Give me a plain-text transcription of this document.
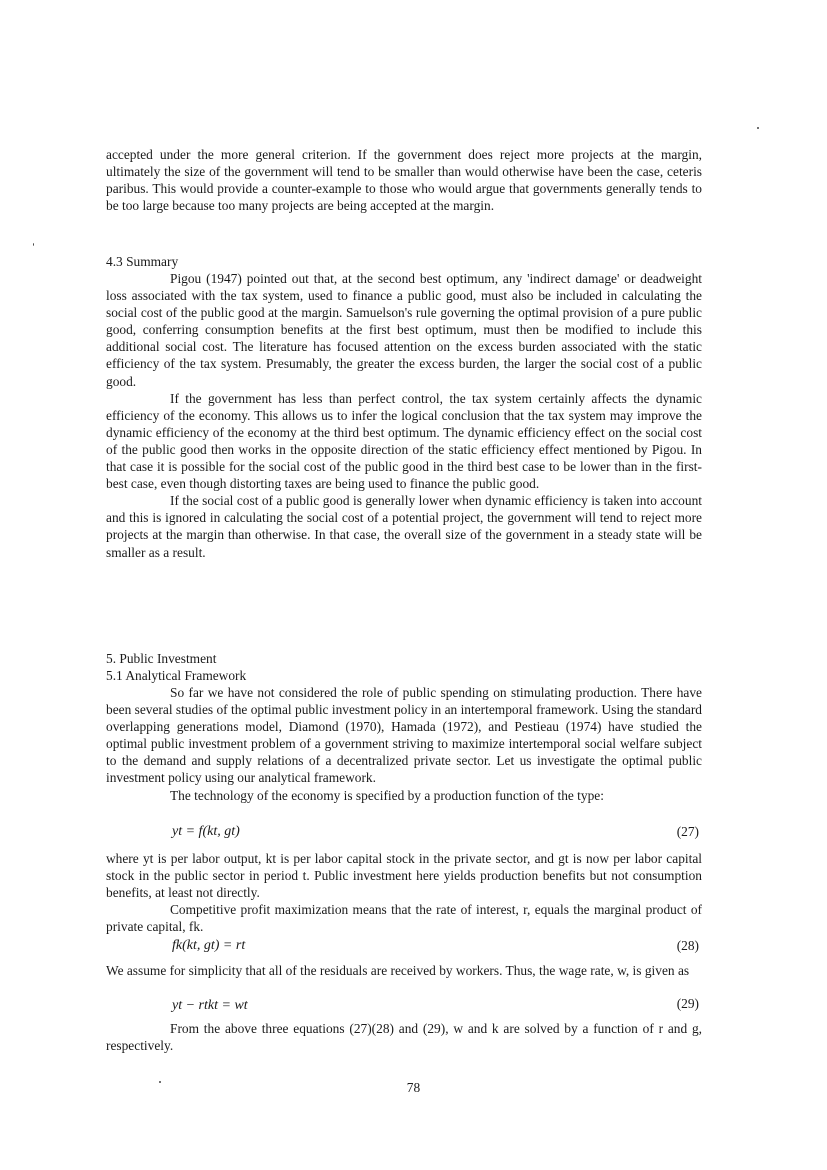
accepted under the more general criterion. If the government does reject more projects at the margin, ultimately the size of the government will tend to be smaller than would otherwise have been the case, ceteris paribus. This would provide a counter-example to those who would argue that governments generally tends to be too large because too many projects are being accepted at the margin.

4.3 Summary

Pigou (1947) pointed out that, at the second best optimum, any 'indirect damage' or deadweight loss associated with the tax system, used to finance a public good, must also be included in calculating the social cost of the public good at the margin. Samuelson's rule governing the optimal provision of a pure public good, conferring consumption benefits at the first best optimum, must then be modified to include this additional social cost. The literature has focused attention on the excess burden associated with the static efficiency of the tax system. Presumably, the greater the excess burden, the larger the social cost of a public good.

If the government has less than perfect control, the tax system certainly affects the dynamic efficiency of the economy. This allows us to infer the logical conclusion that the tax system may improve the dynamic efficiency of the economy at the third best optimum. The dynamic efficiency effect on the social cost of the public good then works in the opposite direction of the static efficiency effect mentioned by Pigou. In that case it is possible for the social cost of the public good in the third best case to be lower than in the first-best case, even though distorting taxes are being used to finance the public good.

If the social cost of a public good is generally lower when dynamic efficiency is taken into account and this is ignored in calculating the social cost of a potential project, the government will tend to reject more projects at the margin than otherwise. In that case, the overall size of the government in a steady state will be smaller as a result.

5. Public Investment
5.1 Analytical Framework

So far we have not considered the role of public spending on stimulating production. There have been several studies of the optimal public investment policy in an intertemporal framework. Using the standard overlapping generations model, Diamond (1970), Hamada (1972), and Pestieau (1974) have studied the optimal public investment problem of a government striving to maximize intertemporal social welfare subject to the demand and supply relations of a decentralized private sector. Let us investigate the optimal public investment policy using our analytical framework.

The technology of the economy is specified by a production function of the type:

yt = f(kt, gt)	(27)

where yt is per labor output, kt is per labor capital stock in the private sector, and gt is now per labor capital stock in the public sector in period t. Public investment here yields production benefits but not consumption benefits, at least not directly.

Competitive profit maximization means that the rate of interest, r, equals the marginal product of private capital, fk.

fk(kt, gt) = rt	(28)

We assume for simplicity that all of the residuals are received by workers. Thus, the wage rate, w, is given as

yt − rtkt = wt	(29)

From the above three equations (27)(28) and (29), w and k are solved by a function of r and g, respectively.

78
